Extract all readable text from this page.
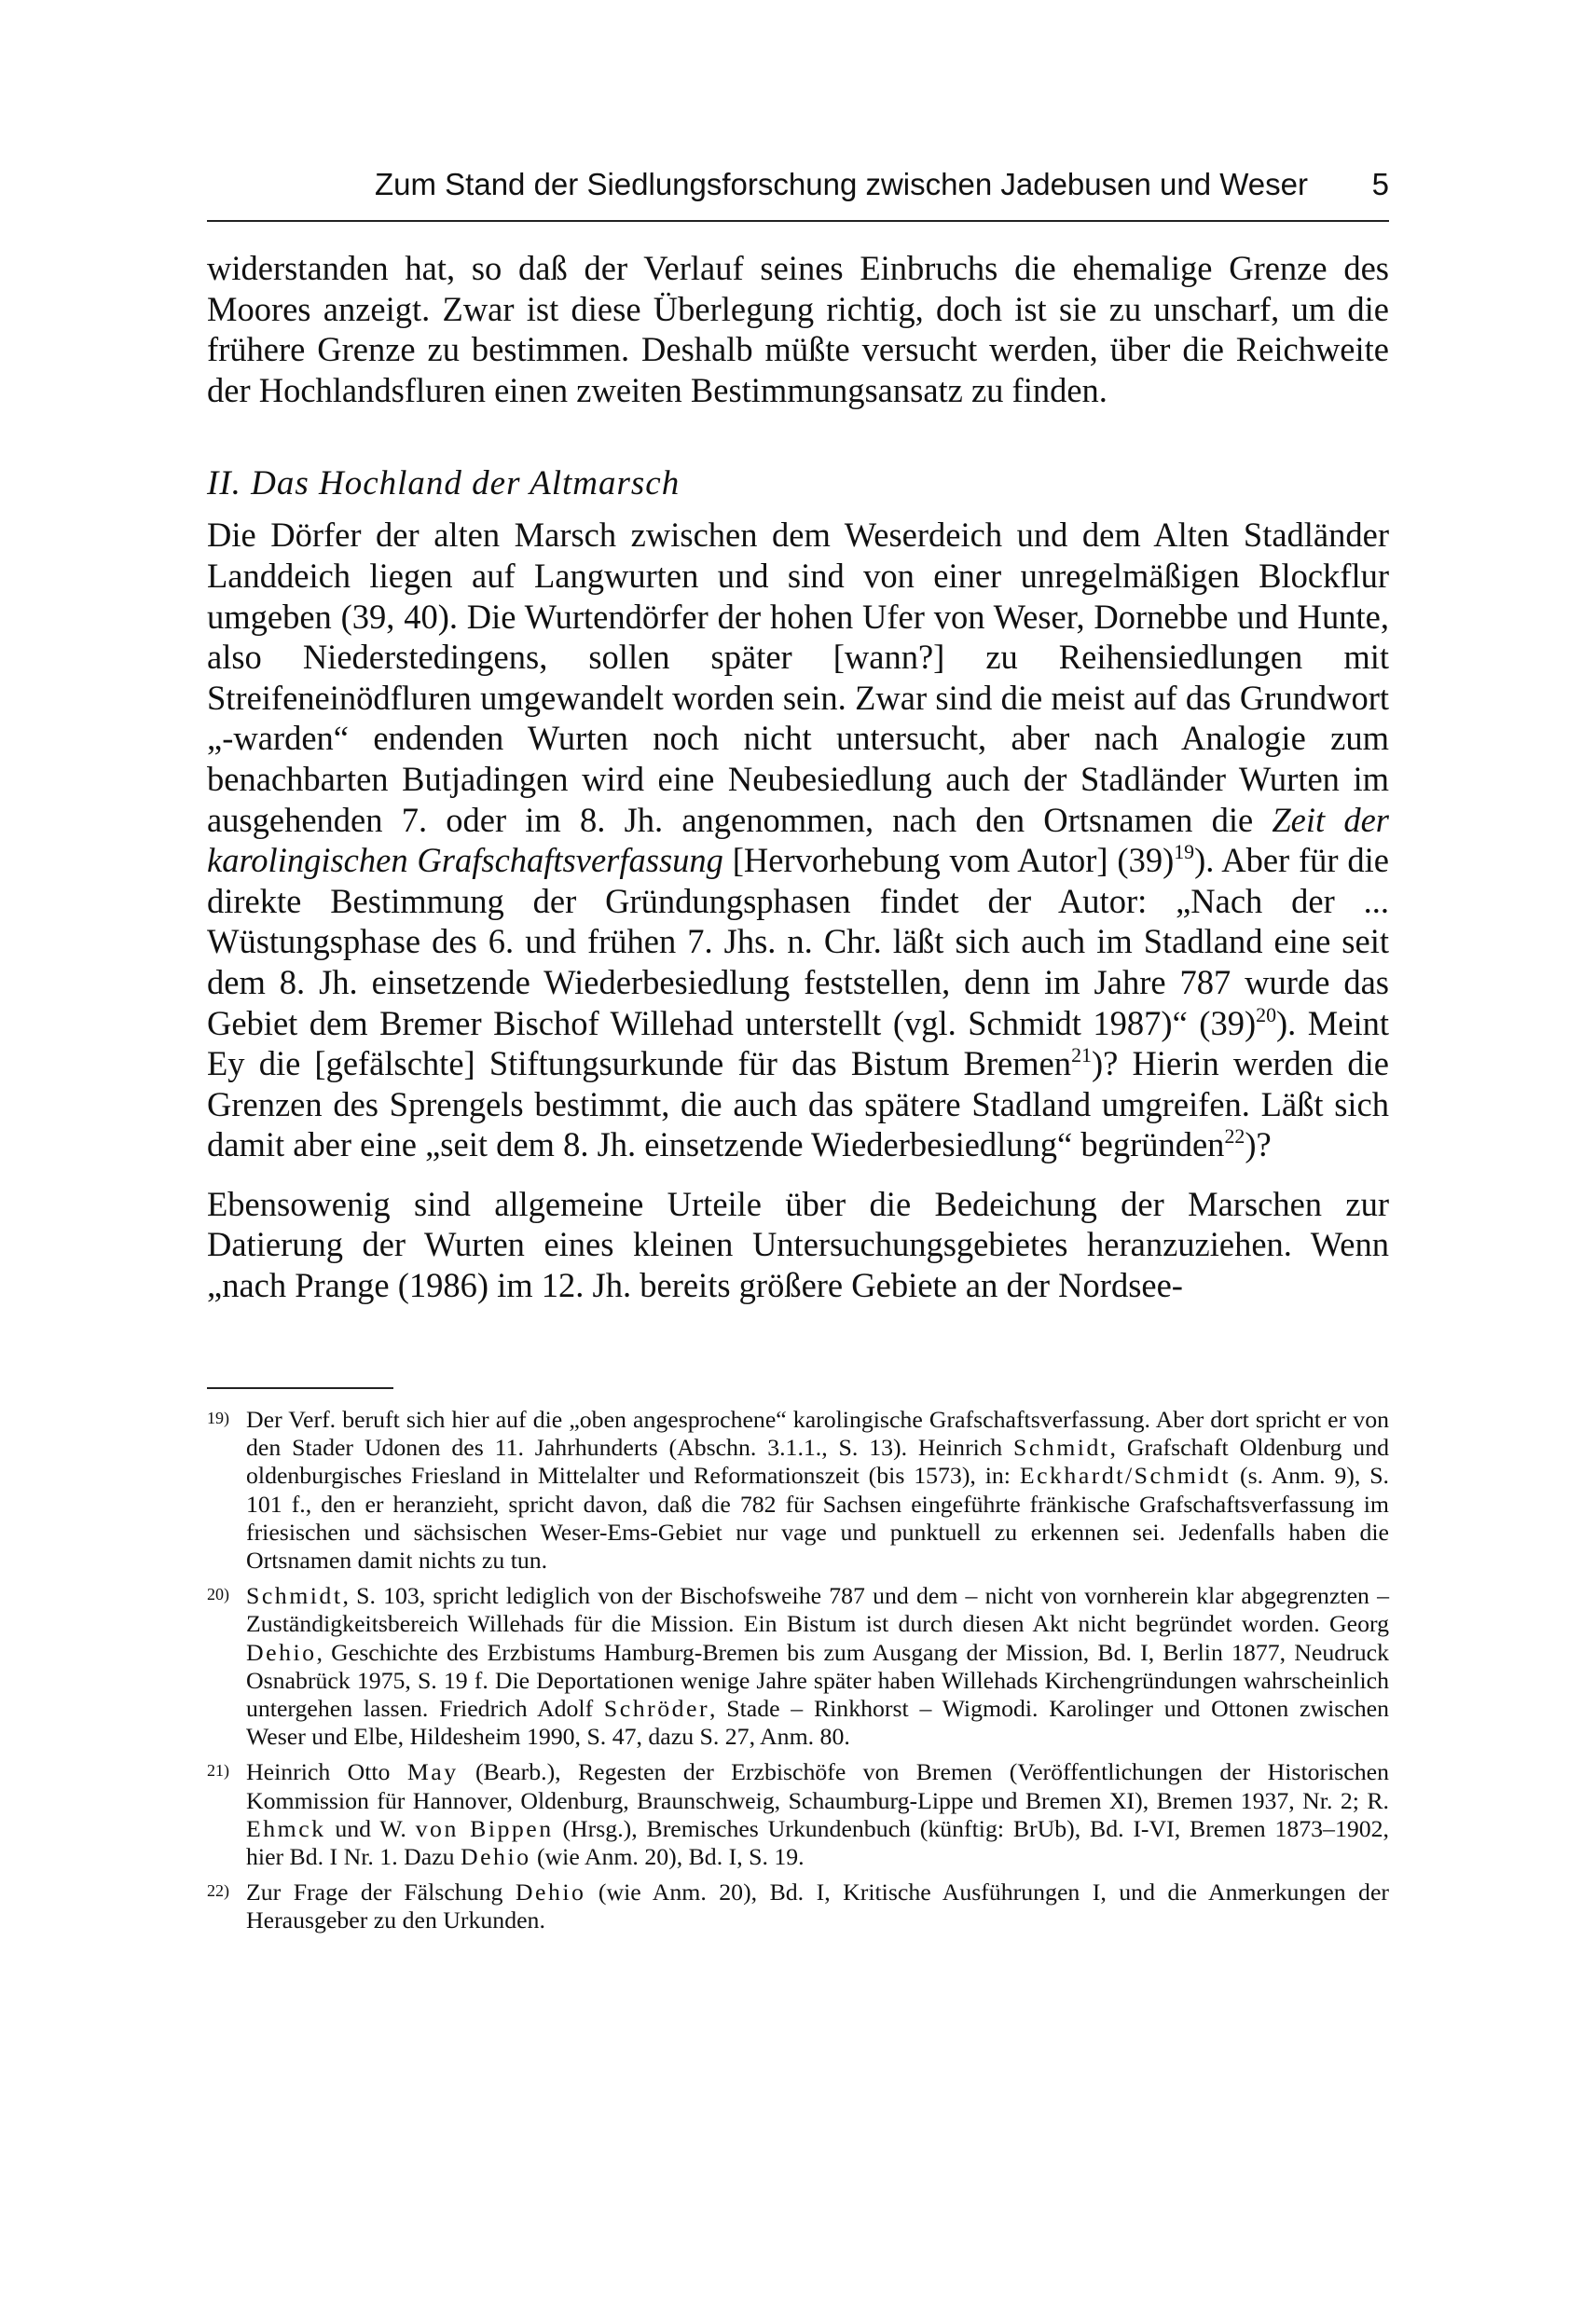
Zum Stand der Siedlungsforschung zwischen Jadebusen und Weser 5

widerstanden hat, so daß der Verlauf seines Einbruchs die ehemalige Grenze des Moores anzeigt. Zwar ist diese Überlegung richtig, doch ist sie zu unscharf, um die frühere Grenze zu bestimmen. Deshalb müßte versucht werden, über die Reichweite der Hochlandsfluren einen zweiten Bestimmungsansatz zu finden.

II. Das Hochland der Altmarsch

Die Dörfer der alten Marsch zwischen dem Weserdeich und dem Alten Stadländer Landdeich liegen auf Langwurten und sind von einer unregelmäßigen Blockflur umgeben (39, 40). Die Wurtendörfer der hohen Ufer von Weser, Dornebbe und Hunte, also Niederstedingens, sollen später [wann?] zu Reihensiedlungen mit Streifeneinödfluren umgewandelt worden sein. Zwar sind die meist auf das Grundwort „-warden“ endenden Wurten noch nicht untersucht, aber nach Analogie zum benachbarten Butjadingen wird eine Neubesiedlung auch der Stadländer Wurten im ausgehenden 7. oder im 8. Jh. angenommen, nach den Ortsnamen die Zeit der karolingischen Grafschaftsverfassung [Hervorhebung vom Autor] $(39)^{19}$). Aber für die direkte Bestimmung der Gründungsphasen findet der Autor: „Nach der ... Wüstungsphase des 6. und frühen 7. Jhs. n. Chr. läßt sich auch im Stadland eine seit dem 8. Jh. einsetzende Wiederbesiedlung feststellen, denn im Jahre 787 wurde das Gebiet dem Bremer Bischof Willehad unterstellt (vgl. Schmidt 1987)“ $(39)^{20}$). Meint Ey die [gefälschte] Stiftungsurkunde für das Bistum Bremen$^{21}$)? Hierin werden die Grenzen des Sprengels bestimmt, die auch das spätere Stadland umgreifen. Läßt sich damit aber eine „seit dem 8. Jh. einsetzende Wiederbesiedlung“ begründen$^{22}$)?

Ebensowenig sind allgemeine Urteile über die Bedeichung der Marschen zur Datierung der Wurten eines kleinen Untersuchungsgebietes heranzuziehen. Wenn „nach Prange (1986) im 12. Jh. bereits größere Gebiete an der Nordsee-

19) Der Verf. beruft sich hier auf die „oben angesprochene“ karolingische Grafschaftsverfassung. Aber dort spricht er von den Stader Udonen des 11. Jahrhunderts (Abschn. 3.1.1., S. 13). Heinrich Schmidt, Grafschaft Oldenburg und oldenburgisches Friesland in Mittelalter und Reformationszeit (bis 1573), in: Eckhardt/Schmidt (s. Anm. 9), S. 101 f., den er heranzieht, spricht davon, daß die 782 für Sachsen eingeführte fränkische Grafschaftsverfassung im friesischen und sächsischen Weser-Ems-Gebiet nur vage und punktuell zu erkennen sei. Jedenfalls haben die Ortsnamen damit nichts zu tun.
20) Schmidt, S. 103, spricht lediglich von der Bischofsweihe 787 und dem – nicht von vornherein klar abgegrenzten – Zuständigkeitsbereich Willehads für die Mission. Ein Bistum ist durch diesen Akt nicht begründet worden. Georg Dehio, Geschichte des Erzbistums Hamburg-Bremen bis zum Ausgang der Mission, Bd. I, Berlin 1877, Neudruck Osnabrück 1975, S. 19 f. Die Deportationen wenige Jahre später haben Willehads Kirchengründungen wahrscheinlich untergehen lassen. Friedrich Adolf Schröder, Stade – Rinkhorst – Wigmodi. Karolinger und Ottonen zwischen Weser und Elbe, Hildesheim 1990, S. 47, dazu S. 27, Anm. 80.
21) Heinrich Otto May (Bearb.), Regesten der Erzbischöfe von Bremen (Veröffentlichungen der Historischen Kommission für Hannover, Oldenburg, Braunschweig, Schaumburg-Lippe und Bremen XI), Bremen 1937, Nr. 2; R. Ehmck und W. von Bippen (Hrsg.), Bremisches Urkundenbuch (künftig: BrUb), Bd. I-VI, Bremen 1873–1902, hier Bd. I Nr. 1. Dazu Dehio (wie Anm. 20), Bd. I, S. 19.
22) Zur Frage der Fälschung Dehio (wie Anm. 20), Bd. I, Kritische Ausführungen I, und die Anmerkungen der Herausgeber zu den Urkunden.
